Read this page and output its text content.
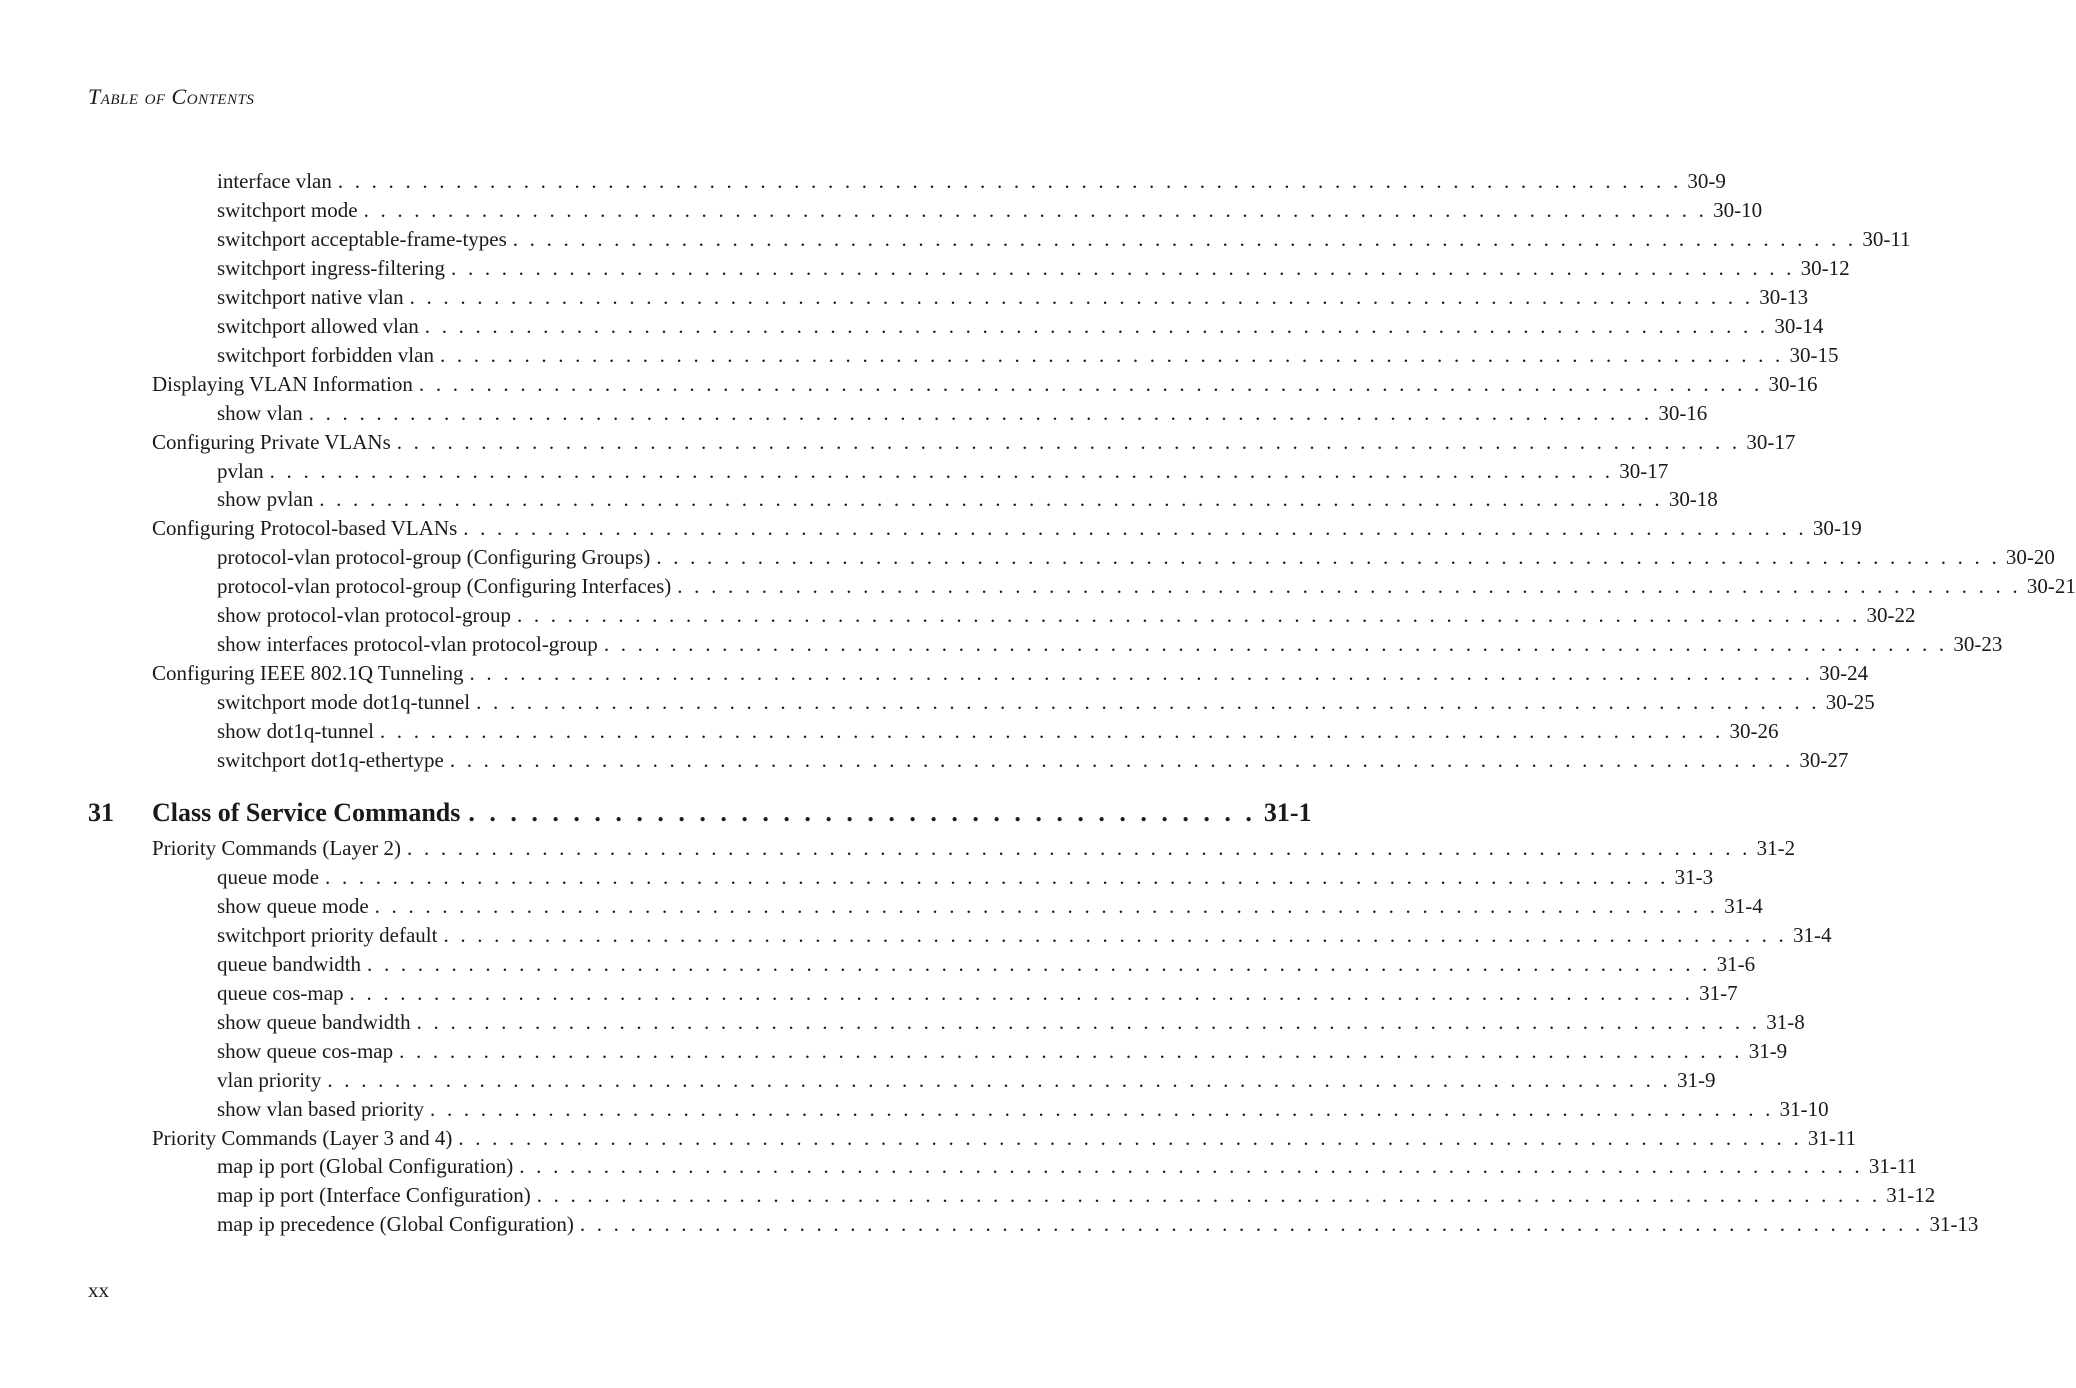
Table of Contents
interface vlan . . . . . . . . . . . . . . . . . . . . . . . . . . . . . . . . . . . . . . . . . . . . . . . . . . . . . . . . . . . . . . . . . . . . . . . . . . . . . . . . 30-9
switchport mode . . . . . . . . . . . . . . . . . . . . . . . . . . . . . . . . . . . . . . . . . . . . . . . . . . . . . . . . . . . . . . . . . . . . . . . . . . . . . . . . 30-10
switchport acceptable-frame-types . . . . . . . . . . . . . . . . . . . . . . . . . . . . . . . . . . . . . . . . . . . . . . . . . . . . . . . . . . . . . . . . . . . . . . . . . . . . . . . . 30-11
switchport ingress-filtering . . . . . . . . . . . . . . . . . . . . . . . . . . . . . . . . . . . . . . . . . . . . . . . . . . . . . . . . . . . . . . . . . . . . . . . . . . . . . . . . 30-12
switchport native vlan . . . . . . . . . . . . . . . . . . . . . . . . . . . . . . . . . . . . . . . . . . . . . . . . . . . . . . . . . . . . . . . . . . . . . . . . . . . . . . . . 30-13
switchport allowed vlan . . . . . . . . . . . . . . . . . . . . . . . . . . . . . . . . . . . . . . . . . . . . . . . . . . . . . . . . . . . . . . . . . . . . . . . . . . . . . . . . 30-14
switchport forbidden vlan . . . . . . . . . . . . . . . . . . . . . . . . . . . . . . . . . . . . . . . . . . . . . . . . . . . . . . . . . . . . . . . . . . . . . . . . . . . . . . . . 30-15
Displaying VLAN Information . . . . . . . . . . . . . . . . . . . . . . . . . . . . . . . . . . . . . . . . . . . . . . . . . . . . . . . . . . . . . . . . . . . . . . . . . . . . . . . . 30-16
show vlan . . . . . . . . . . . . . . . . . . . . . . . . . . . . . . . . . . . . . . . . . . . . . . . . . . . . . . . . . . . . . . . . . . . . . . . . . . . . . . . . 30-16
Configuring Private VLANs . . . . . . . . . . . . . . . . . . . . . . . . . . . . . . . . . . . . . . . . . . . . . . . . . . . . . . . . . . . . . . . . . . . . . . . . . . . . . . . . 30-17
pvlan . . . . . . . . . . . . . . . . . . . . . . . . . . . . . . . . . . . . . . . . . . . . . . . . . . . . . . . . . . . . . . . . . . . . . . . . . . . . . . . . 30-17
show pvlan . . . . . . . . . . . . . . . . . . . . . . . . . . . . . . . . . . . . . . . . . . . . . . . . . . . . . . . . . . . . . . . . . . . . . . . . . . . . . . . . 30-18
Configuring Protocol-based VLANs . . . . . . . . . . . . . . . . . . . . . . . . . . . . . . . . . . . . . . . . . . . . . . . . . . . . . . . . . . . . . . . . . . . . . . . . . . . . . . . . 30-19
protocol-vlan protocol-group (Configuring Groups) . . . . . . . . . . . . . . . . . . . . . . . . . . . . . . . . . . . . . . . . . . . . . . . . . . . . . . . . . . . . . . . . . . . . . . . . . . . . . . . . 30-20
protocol-vlan protocol-group (Configuring Interfaces) . . . . . . . . . . . . . . . . . . . . . . . . . . . . . . . . . . . . . . . . . . . . . . . . . . . . . . . . . . . . . . . . . . . . . . . . . . . . . . . . 30-21
show protocol-vlan protocol-group . . . . . . . . . . . . . . . . . . . . . . . . . . . . . . . . . . . . . . . . . . . . . . . . . . . . . . . . . . . . . . . . . . . . . . . . . . . . . . . . 30-22
show interfaces protocol-vlan protocol-group . . . . . . . . . . . . . . . . . . . . . . . . . . . . . . . . . . . . . . . . . . . . . . . . . . . . . . . . . . . . . . . . . . . . . . . . . . . . . . . . 30-23
Configuring IEEE 802.1Q Tunneling . . . . . . . . . . . . . . . . . . . . . . . . . . . . . . . . . . . . . . . . . . . . . . . . . . . . . . . . . . . . . . . . . . . . . . . . . . . . . . . . 30-24
switchport mode dot1q-tunnel . . . . . . . . . . . . . . . . . . . . . . . . . . . . . . . . . . . . . . . . . . . . . . . . . . . . . . . . . . . . . . . . . . . . . . . . . . . . . . . . 30-25
show dot1q-tunnel . . . . . . . . . . . . . . . . . . . . . . . . . . . . . . . . . . . . . . . . . . . . . . . . . . . . . . . . . . . . . . . . . . . . . . . . . . . . . . . . 30-26
switchport dot1q-ethertype . . . . . . . . . . . . . . . . . . . . . . . . . . . . . . . . . . . . . . . . . . . . . . . . . . . . . . . . . . . . . . . . . . . . . . . . . . . . . . . . 30-27
31	Class of Service Commands . . . . . . . . . . . . . . . . . . . . . . . . . . . . . . . . . . . . . . 31-1
Priority Commands (Layer 2) . . . . . . . . . . . . . . . . . . . . . . . . . . . . . . . . . . . . . . . . . . . . . . . . . . . . . . . . . . . . . . . . . . . . . . . . . . . . . . . . 31-2
queue mode . . . . . . . . . . . . . . . . . . . . . . . . . . . . . . . . . . . . . . . . . . . . . . . . . . . . . . . . . . . . . . . . . . . . . . . . . . . . . . . . 31-3
show queue mode . . . . . . . . . . . . . . . . . . . . . . . . . . . . . . . . . . . . . . . . . . . . . . . . . . . . . . . . . . . . . . . . . . . . . . . . . . . . . . . . 31-4
switchport priority default . . . . . . . . . . . . . . . . . . . . . . . . . . . . . . . . . . . . . . . . . . . . . . . . . . . . . . . . . . . . . . . . . . . . . . . . . . . . . . . . 31-4
queue bandwidth . . . . . . . . . . . . . . . . . . . . . . . . . . . . . . . . . . . . . . . . . . . . . . . . . . . . . . . . . . . . . . . . . . . . . . . . . . . . . . . . 31-6
queue cos-map . . . . . . . . . . . . . . . . . . . . . . . . . . . . . . . . . . . . . . . . . . . . . . . . . . . . . . . . . . . . . . . . . . . . . . . . . . . . . . . . 31-7
show queue bandwidth . . . . . . . . . . . . . . . . . . . . . . . . . . . . . . . . . . . . . . . . . . . . . . . . . . . . . . . . . . . . . . . . . . . . . . . . . . . . . . . . 31-8
show queue cos-map . . . . . . . . . . . . . . . . . . . . . . . . . . . . . . . . . . . . . . . . . . . . . . . . . . . . . . . . . . . . . . . . . . . . . . . . . . . . . . . . 31-9
vlan priority . . . . . . . . . . . . . . . . . . . . . . . . . . . . . . . . . . . . . . . . . . . . . . . . . . . . . . . . . . . . . . . . . . . . . . . . . . . . . . . . 31-9
show vlan based priority . . . . . . . . . . . . . . . . . . . . . . . . . . . . . . . . . . . . . . . . . . . . . . . . . . . . . . . . . . . . . . . . . . . . . . . . . . . . . . . . 31-10
Priority Commands (Layer 3 and 4) . . . . . . . . . . . . . . . . . . . . . . . . . . . . . . . . . . . . . . . . . . . . . . . . . . . . . . . . . . . . . . . . . . . . . . . . . . . . . . . . 31-11
map ip port (Global Configuration) . . . . . . . . . . . . . . . . . . . . . . . . . . . . . . . . . . . . . . . . . . . . . . . . . . . . . . . . . . . . . . . . . . . . . . . . . . . . . . . . 31-11
map ip port (Interface Configuration) . . . . . . . . . . . . . . . . . . . . . . . . . . . . . . . . . . . . . . . . . . . . . . . . . . . . . . . . . . . . . . . . . . . . . . . . . . . . . . . . 31-12
map ip precedence (Global Configuration) . . . . . . . . . . . . . . . . . . . . . . . . . . . . . . . . . . . . . . . . . . . . . . . . . . . . . . . . . . . . . . . . . . . . . . . . . . . . . . . . 31-13
xx
